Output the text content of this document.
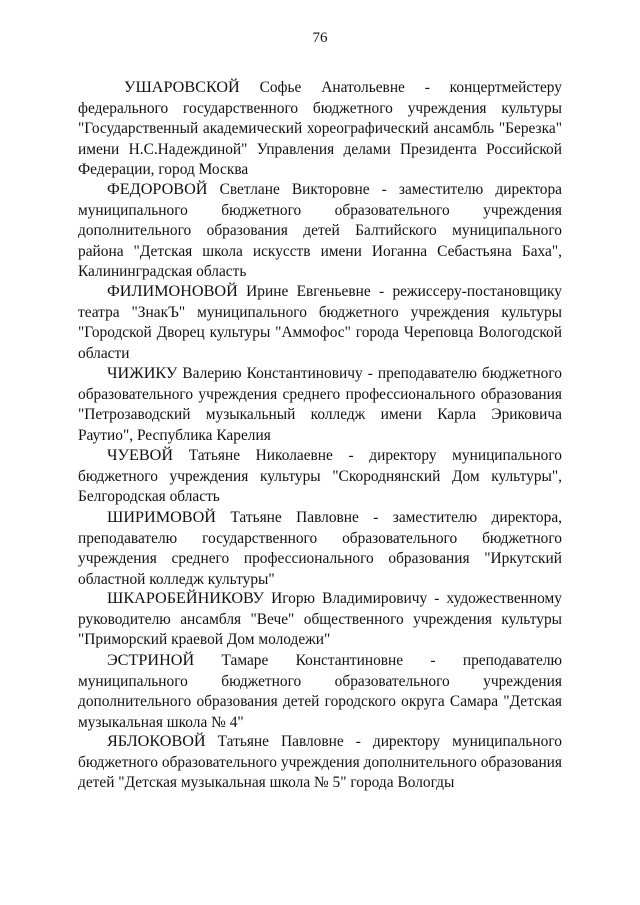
76

УШАРОВСКОЙ Софье Анатольевне - концертмейстеру федерального государственного бюджетного учреждения культуры "Государственный академический хореографический ансамбль "Березка" имени Н.С.Надеждиной" Управления делами Президента Российской Федерации, город Москва

ФЕДОРОВОЙ Светлане Викторовне - заместителю директора муниципального бюджетного образовательного учреждения дополнительного образования детей Балтийского муниципального района "Детская школа искусств имени Иоганна Себастьяна Баха", Калининградская область

ФИЛИМОНОВОЙ Ирине Евгеньевне - режиссеру-постановщику театра "ЗнакЪ" муниципального бюджетного учреждения культуры "Городской Дворец культуры "Аммофос" города Череповца Вологодской области

ЧИЖИКУ Валерию Константиновичу - преподавателю бюджетного образовательного учреждения среднего профессионального образования "Петрозаводский музыкальный колледж имени Карла Эриковича Раутио", Республика Карелия

ЧУЕВОЙ Татьяне Николаевне - директору муниципального бюджетного учреждения культуры "Скороднянский Дом культуры", Белгородская область

ШИРИМОВОЙ Татьяне Павловне - заместителю директора, преподавателю государственного образовательного бюджетного учреждения среднего профессионального образования "Иркутский областной колледж культуры"

ШКАРОБЕЙНИКОВУ Игорю Владимировичу - художественному руководителю ансамбля "Вече" общественного учреждения культуры "Приморский краевой Дом молодежи"

ЭСТРИНОЙ Тамаре Константиновне - преподавателю муниципального бюджетного образовательного учреждения дополнительного образования детей городского округа Самара "Детская музыкальная школа № 4"

ЯБЛОКОВОЙ Татьяне Павловне - директору муниципального бюджетного образовательного учреждения дополнительного образования детей "Детская музыкальная школа № 5" города Вологды
